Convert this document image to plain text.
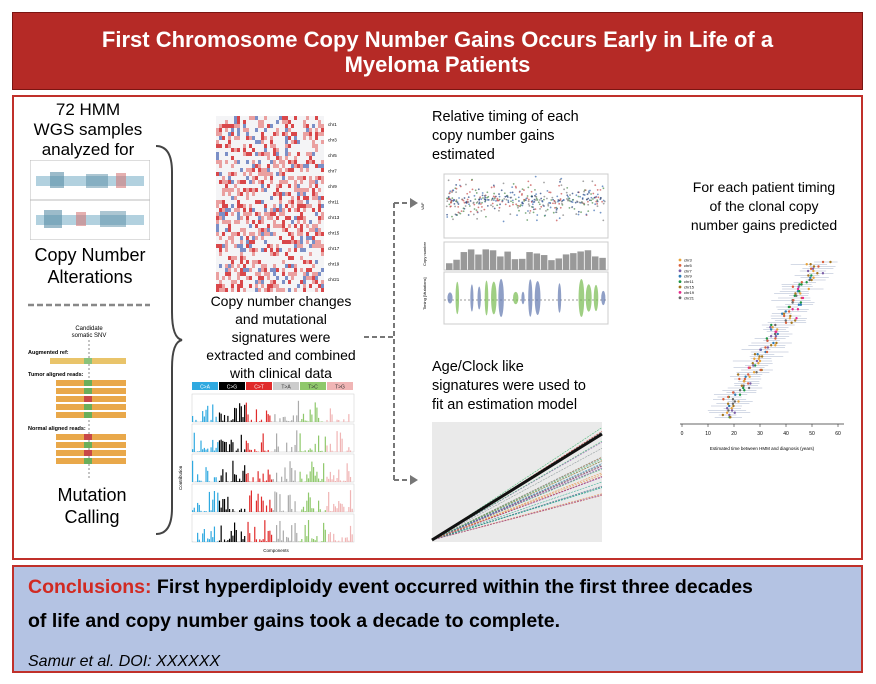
First Chromosome Copy Number Gains Occurs Early in Life of a
Myeloma Patients
72 HMM
WGS samples
analyzed for
Copy Number
Alterations
Candidate
somatic SNV
Augmented ref:
Tumor aligned reads:
Normal aligned reads:
Mutation
Calling
chr1
chr3
chr5
chr7
chr9
chr11
chr13
chr15
chr17
chr19
chr21
Copy number changes
and mutational
signatures were
extracted and combined
with clinical data
C>A	C>G	C>T	T>A	T>C	T>G
Contribution
Components
Relative timing of each
copy number gains
estimated
VAF
Copy number
Timing [Mutations]
Age/Clock like
signatures were used to
fit an estimation model
For each patient timing
of the clonal copy
number gains predicted
chr3
chr5
chr7
chr9
chr11
chr15
chr19
chr21
0	10	20	30	40	50	60
Estimated time between HMM and diagnosis (years)
Conclusions: First hyperdiploidy event occurred within the first three decades
of life and copy number gains took a decade to complete.
Samur et al. DOI: XXXXXX
